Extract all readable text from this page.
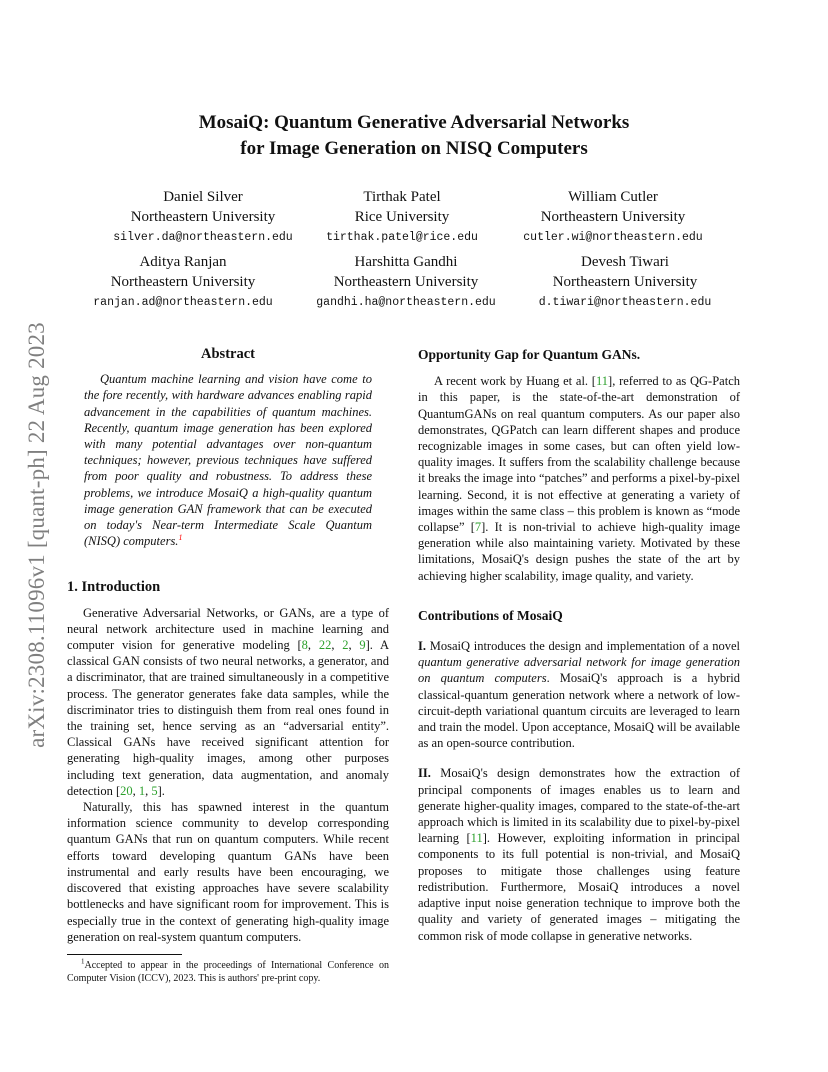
arXiv:2308.11096v1 [quant-ph] 22 Aug 2023
MosaiQ: Quantum Generative Adversarial Networks
for Image Generation on NISQ Computers
Daniel Silver
Northeastern University
silver.da@northeastern.edu
Tirthak Patel
Rice University
tirthak.patel@rice.edu
William Cutler
Northeastern University
cutler.wi@northeastern.edu
Aditya Ranjan
Northeastern University
ranjan.ad@northeastern.edu
Harshitta Gandhi
Northeastern University
gandhi.ha@northeastern.edu
Devesh Tiwari
Northeastern University
d.tiwari@northeastern.edu
Abstract

Quantum machine learning and vision have come to the fore recently, with hardware advances enabling rapid advancement in the capabilities of quantum machines. Recently, quantum image generation has been explored with many potential advantages over non-quantum techniques; however, previous techniques have suffered from poor quality and robustness. To address these problems, we introduce MosaiQ a high-quality quantum image generation GAN framework that can be executed on today's Near-term Intermediate Scale Quantum (NISQ) computers.$^1$

1. Introduction

Generative Adversarial Networks, or GANs, are a type of neural network architecture used in machine learning and computer vision for generative modeling [8, 22, 2, 9]. A classical GAN consists of two neural networks, a generator, and a discriminator, that are trained simultaneously in a competitive process. The generator generates fake data samples, while the discriminator tries to distinguish them from real ones found in the training set, hence serving as an “adversarial entity”. Classical GANs have received significant attention for generating high-quality images, among other purposes including text generation, data augmentation, and anomaly detection [20, 1, 5].

Naturally, this has spawned interest in the quantum information science community to develop corresponding quantum GANs that run on quantum computers. While recent efforts toward developing quantum GANs have been instrumental and early results have been encouraging, we discovered that existing approaches have severe scalability bottlenecks and have significant room for improvement. This is especially true in the context of generating high-quality image generation on real-system quantum computers.

$^1$Accepted to appear in the proceedings of International Conference on Computer Vision (ICCV), 2023. This is authors' pre-print copy.

Opportunity Gap for Quantum GANs.

A recent work by Huang et al. [11], referred to as QG-Patch in this paper, is the state-of-the-art demonstration of QuantumGANs on real quantum computers. As our paper also demonstrates, QGPatch can learn different shapes and produce recognizable images in some cases, but can often yield low-quality images. It suffers from the scalability challenge because it breaks the image into “patches” and performs a pixel-by-pixel learning. Second, it is not effective at generating a variety of images within the same class – this problem is known as “mode collapse” [7]. It is non-trivial to achieve high-quality image generation while also maintaining variety. Motivated by these limitations, MosaiQ's design pushes the state of the art by achieving higher scalability, image quality, and variety.

Contributions of MosaiQ

I. MosaiQ introduces the design and implementation of a novel quantum generative adversarial network for image generation on quantum computers. MosaiQ's approach is a hybrid classical-quantum generation network where a network of low-circuit-depth variational quantum circuits are leveraged to learn and train the model. Upon acceptance, MosaiQ will be available as an open-source contribution.

II. MosaiQ's design demonstrates how the extraction of principal components of images enables us to learn and generate higher-quality images, compared to the state-of-the-art approach which is limited in its scalability due to pixel-by-pixel learning [11]. However, exploiting information in principal components to its full potential is non-trivial, and MosaiQ proposes to mitigate those challenges using feature redistribution. Furthermore, MosaiQ introduces a novel adaptive input noise generation technique to improve both the quality and variety of generated images – mitigating the common risk of mode collapse in generative networks.
